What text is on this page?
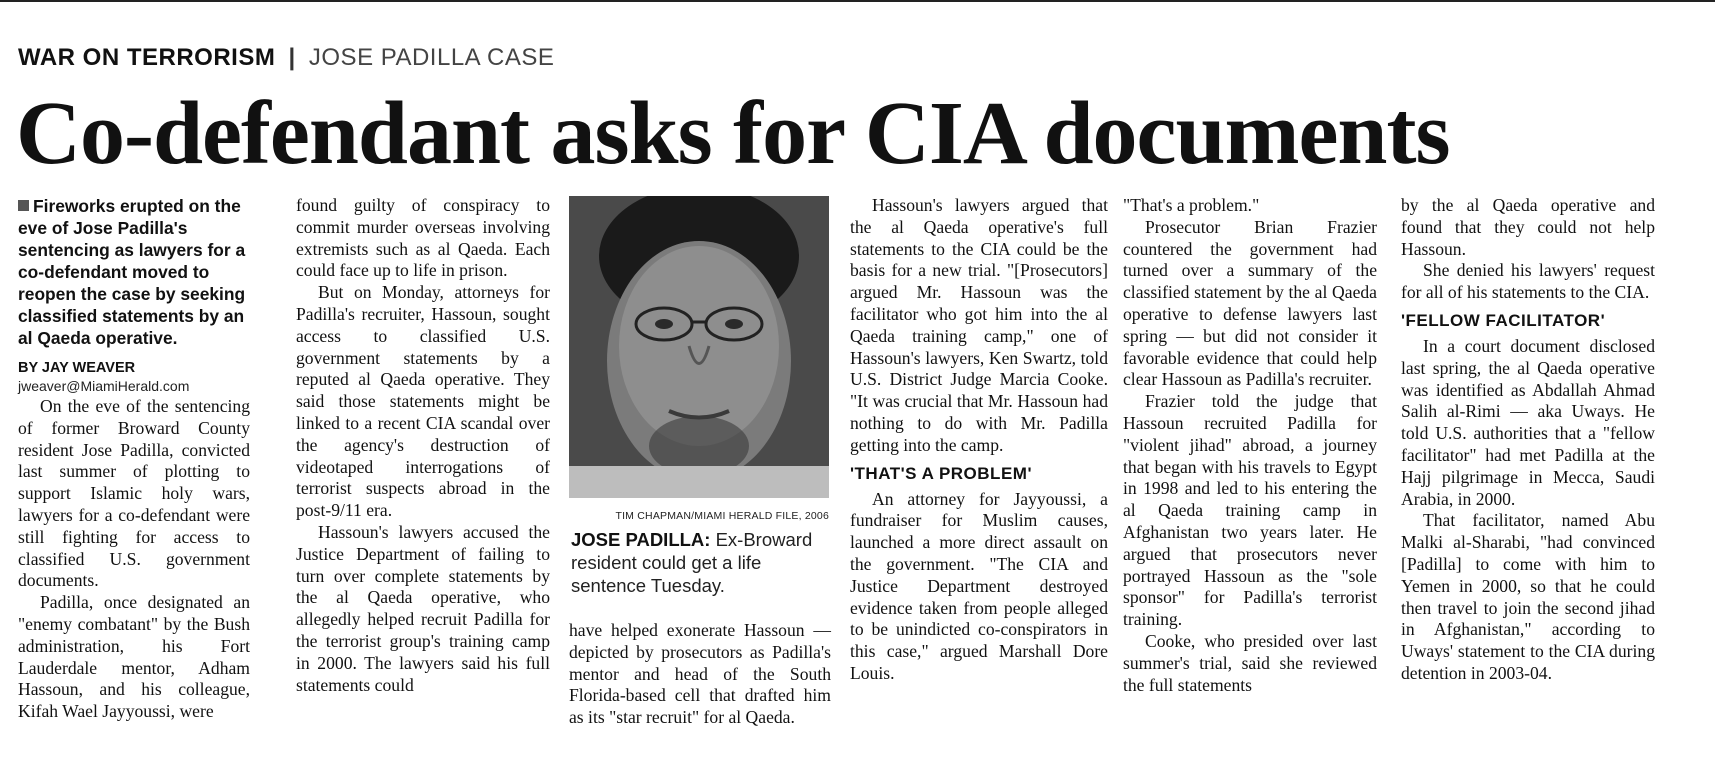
WAR ON TERRORISM | JOSE PADILLA CASE
Co-defendant asks for CIA documents
Fireworks erupted on the eve of Jose Padilla's sentencing as lawyers for a co-defendant moved to reopen the case by seeking classified statements by an al Qaeda operative.
BY JAY WEAVER
jweaver@MiamiHerald.com

On the eve of the sentencing of former Broward County resident Jose Padilla, convicted last summer of plotting to support Islamic holy wars, lawyers for a co-defendant were still fighting for access to classified U.S. government documents.

Padilla, once designated an "enemy combatant" by the Bush administration, his Fort Lauderdale mentor, Adham Hassoun, and his colleague, Kifah Wael Jayyoussi, were

found guilty of conspiracy to commit murder overseas involving extremists such as al Qaeda. Each could face up to life in prison.

But on Monday, attorneys for Padilla's recruiter, Hassoun, sought access to classified U.S. government statements by a reputed al Qaeda operative. They said those statements might be linked to a recent CIA scandal over the agency's destruction of videotaped interrogations of terrorist suspects abroad in the post-9/11 era.

Hassoun's lawyers accused the Justice Department of failing to turn over complete statements by the al Qaeda operative, who allegedly helped recruit Padilla for the terrorist group's training camp in 2000. The lawyers said his full statements could

TIM CHAPMAN/MIAMI HERALD FILE, 2006
JOSE PADILLA: Ex-Broward resident could get a life sentence Tuesday.

have helped exonerate Hassoun — depicted by prosecutors as Padilla's mentor and head of the South Florida-based cell that drafted him as its "star recruit" for al Qaeda.

Hassoun's lawyers argued that the al Qaeda operative's full statements to the CIA could be the basis for a new trial. "[Prosecutors] argued Mr. Hassoun was the facilitator who got him into the al Qaeda training camp," one of Hassoun's lawyers, Ken Swartz, told U.S. District Judge Marcia Cooke. "It was crucial that Mr. Hassoun had nothing to do with Mr. Padilla getting into the camp.

'THAT'S A PROBLEM'

An attorney for Jayyoussi, a fundraiser for Muslim causes, launched a more direct assault on the government. "The CIA and Justice Department destroyed evidence taken from people alleged to be unindicted co-conspirators in this case," argued Marshall Dore Louis.

"That's a problem."

Prosecutor Brian Frazier countered the government had turned over a summary of the classified statement by the al Qaeda operative to defense lawyers last spring — but did not consider it favorable evidence that could help clear Hassoun as Padilla's recruiter.

Frazier told the judge that Hassoun recruited Padilla for "violent jihad" abroad, a journey that began with his travels to Egypt in 1998 and led to his entering the al Qaeda training camp in Afghanistan two years later. He argued that prosecutors never portrayed Hassoun as the "sole sponsor" for Padilla's terrorist training.

Cooke, who presided over last summer's trial, said she reviewed the full statements

by the al Qaeda operative and found that they could not help Hassoun.

She denied his lawyers' request for all of his statements to the CIA.

'FELLOW FACILITATOR'

In a court document disclosed last spring, the al Qaeda operative was identified as Abdallah Ahmad Salih al-Rimi — aka Uways. He told U.S. authorities that a "fellow facilitator" had met Padilla at the Hajj pilgrimage in Mecca, Saudi Arabia, in 2000.

That facilitator, named Abu Malki al-Sharabi, "had convinced [Padilla] to come with him to Yemen in 2000, so that he could then travel to join the second jihad in Afghanistan," according to Uways' statement to the CIA during detention in 2003-04.
